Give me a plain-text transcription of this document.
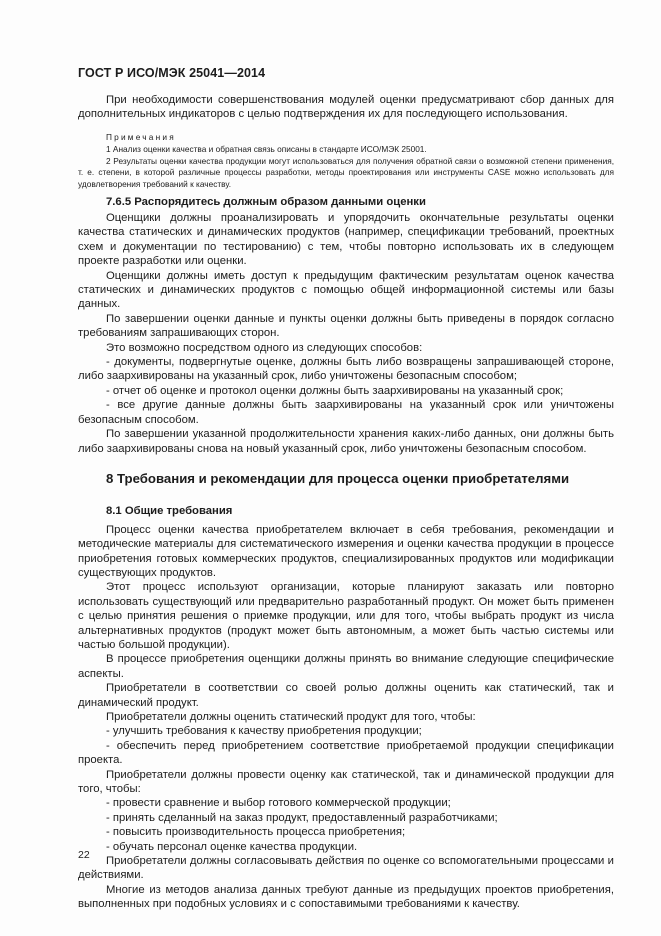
ГОСТ Р ИСО/МЭК 25041—2014

При необходимости совершенствования модулей оценки предусматривают сбор данных для дополнительных индикаторов с целью подтверждения их для последующего использования.

Примечания

1 Анализ оценки качества и обратная связь описаны в стандарте ИСО/МЭК 25001.

2 Результаты оценки качества продукции могут использоваться для получения обратной связи о возможной степени применения, т. е. степени, в которой различные процессы разработки, методы проектирования или инструменты CASE можно использовать для удовлетворения требований к качеству.

7.6.5 Распорядитесь должным образом данными оценки

Оценщики должны проанализировать и упорядочить окончательные результаты оценки качества статических и динамических продуктов (например, спецификации требований, проектных схем и документации по тестированию) с тем, чтобы повторно использовать их в следующем проекте разработки или оценки.

Оценщики должны иметь доступ к предыдущим фактическим результатам оценок качества статических и динамических продуктов с помощью общей информационной системы или базы данных.

По завершении оценки данные и пункты оценки должны быть приведены в порядок согласно требованиям запрашивающих сторон.

Это возможно посредством одного из следующих способов:

- документы, подвергнутые оценке, должны быть либо возвращены запрашивающей стороне, либо заархивированы на указанный срок, либо уничтожены безопасным способом;

- отчет об оценке и протокол оценки должны быть заархивированы на указанный срок;

- все другие данные должны быть заархивированы на указанный срок или уничтожены безопасным способом.

По завершении указанной продолжительности хранения каких-либо данных, они должны быть либо заархивированы снова на новый указанный срок, либо уничтожены безопасным способом.

8 Требования и рекомендации для процесса оценки приобретателями
8.1 Общие требования

Процесс оценки качества приобретателем включает в себя требования, рекомендации и методические материалы для систематического измерения и оценки качества продукции в процессе приобретения готовых коммерческих продуктов, специализированных продуктов или модификации существующих продуктов.

Этот процесс используют организации, которые планируют заказать или повторно использовать существующий или предварительно разработанный продукт. Он может быть применен с целью принятия решения о приемке продукции, или для того, чтобы выбрать продукт из числа альтернативных продуктов (продукт может быть автономным, а может быть частью системы или частью большой продукции).

В процессе приобретения оценщики должны принять во внимание следующие специфические аспекты.

Приобретатели в соответствии со своей ролью должны оценить как статический, так и динамический продукт.

Приобретатели должны оценить статический продукт для того, чтобы:

- улучшить требования к качеству приобретения продукции;

- обеспечить перед приобретением соответствие приобретаемой продукции спецификации проекта.

Приобретатели должны провести оценку как статической, так и динамической продукции для того, чтобы:

- провести сравнение и выбор готового коммерческой продукции;

- принять сделанный на заказ продукт, предоставленный разработчиками;

- повысить производительность процесса приобретения;

- обучать персонал оценке качества продукции.

Приобретатели должны согласовывать действия по оценке со вспомогательными процессами и действиями.

Многие из методов анализа данных требуют данные из предыдущих проектов приобретения, выполненных при подобных условиях и с сопоставимыми требованиями к качеству.

22
